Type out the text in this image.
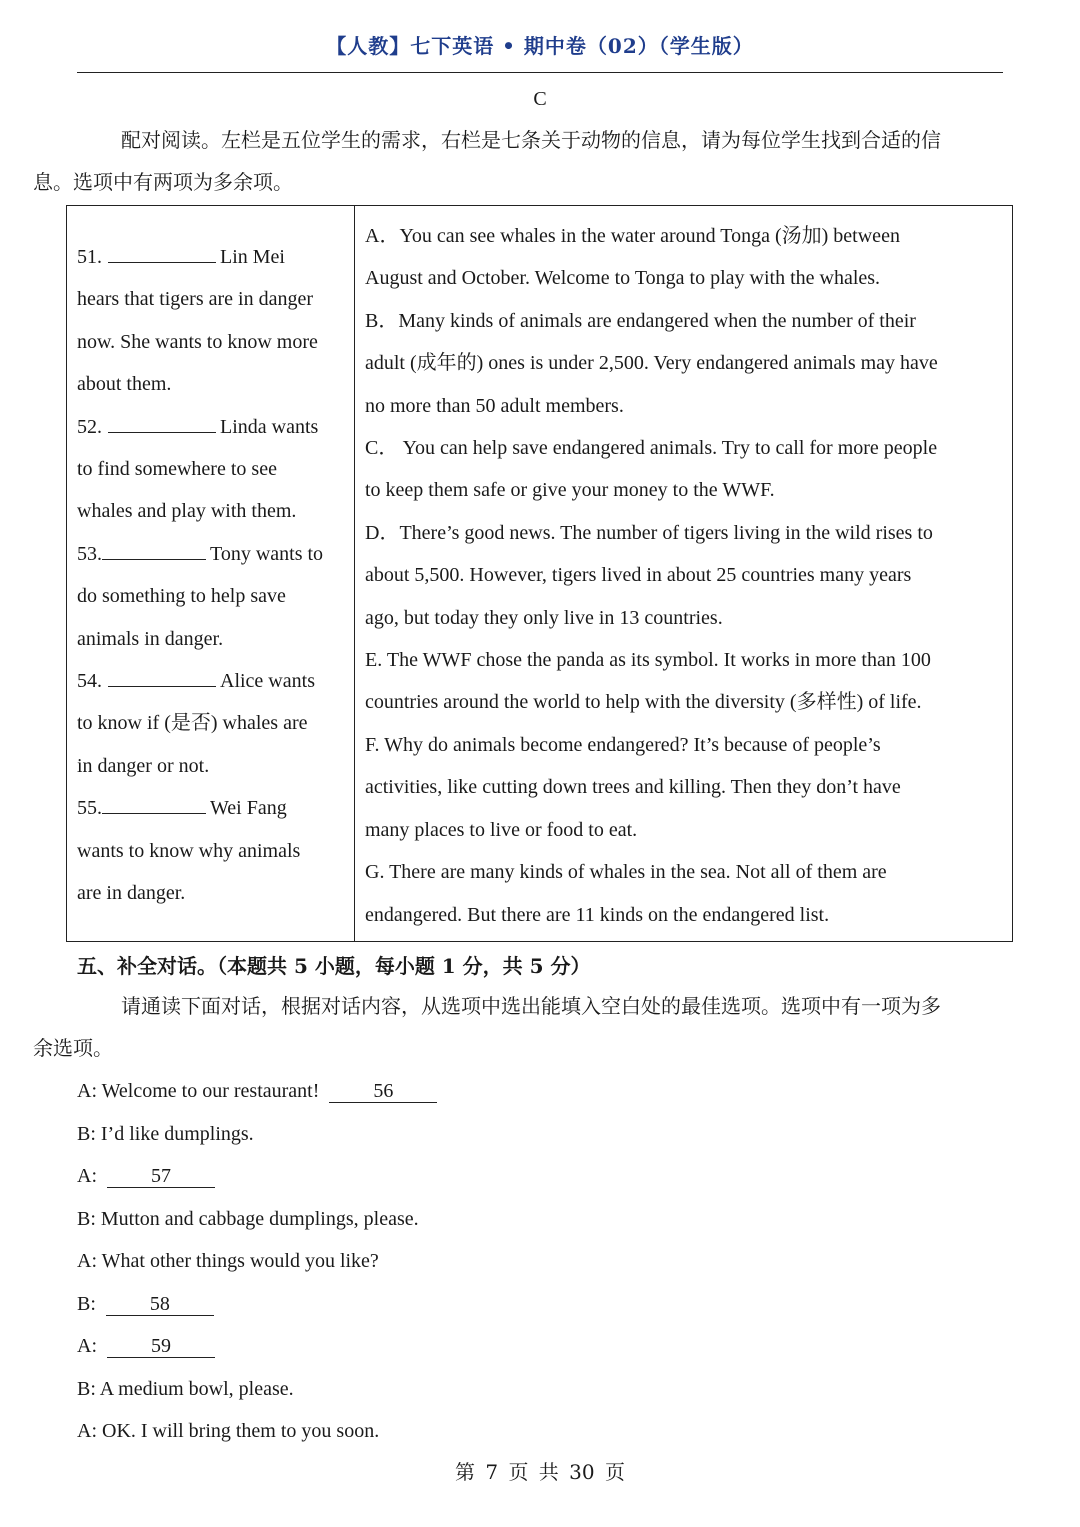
【人教】七下英语 • 期中卷（02）（学生版）
C
配对阅读。左栏是五位学生的需求，右栏是七条关于动物的信息，请为每位学生找到合适的信
息。选项中有两项为多余项。
51.	Lin Mei
hears that tigers are in danger
now. She wants to know more
about them.
52.	Linda wants
to find somewhere to see
whales and play with them.
53.	Tony wants to
do something to help save
animals in danger.
54.	Alice wants
to know if (是否) whales are
in danger or not.
55.	Wei Fang
wants to know why animals
are in danger.
A．You can see whales in the water around Tonga (汤加) between
August and October. Welcome to Tonga to play with the whales.
B．Many kinds of animals are endangered when the number of their
adult (成年的) ones is under 2,500. Very endangered animals may have
no more than 50 adult members.
C． You can help save endangered animals. Try to call for more people
to keep them safe or give your money to the WWF.
D．There’s good news. The number of tigers living in the wild rises to
about 5,500. However, tigers lived in about 25 countries many years
ago, but today they only live in 13 countries.
E. The WWF chose the panda as its symbol. It works in more than 100
countries around the world to help with the diversity (多样性) of life.
F. Why do animals become endangered? It’s because of people’s
activities, like cutting down trees and killing. Then they don’t have
many places to live or food to eat.
G. There are many kinds of whales in the sea. Not all of them are
endangered. But there are 11 kinds on the endangered list.
五、补全对话。（本题共 5 小题，每小题 1 分，共 5 分）
请通读下面对话，根据对话内容，从选项中选出能填入空白处的最佳选项。选项中有一项为多
余选项。
A: Welcome to our restaurant!	56
B: I’d like dumplings.
A:	57
B: Mutton and cabbage dumplings, please.
A: What other things would you like?
B:	58
A:	59
B: A medium bowl, please.
A: OK. I will bring them to you soon.
第 7 页 共 30 页
